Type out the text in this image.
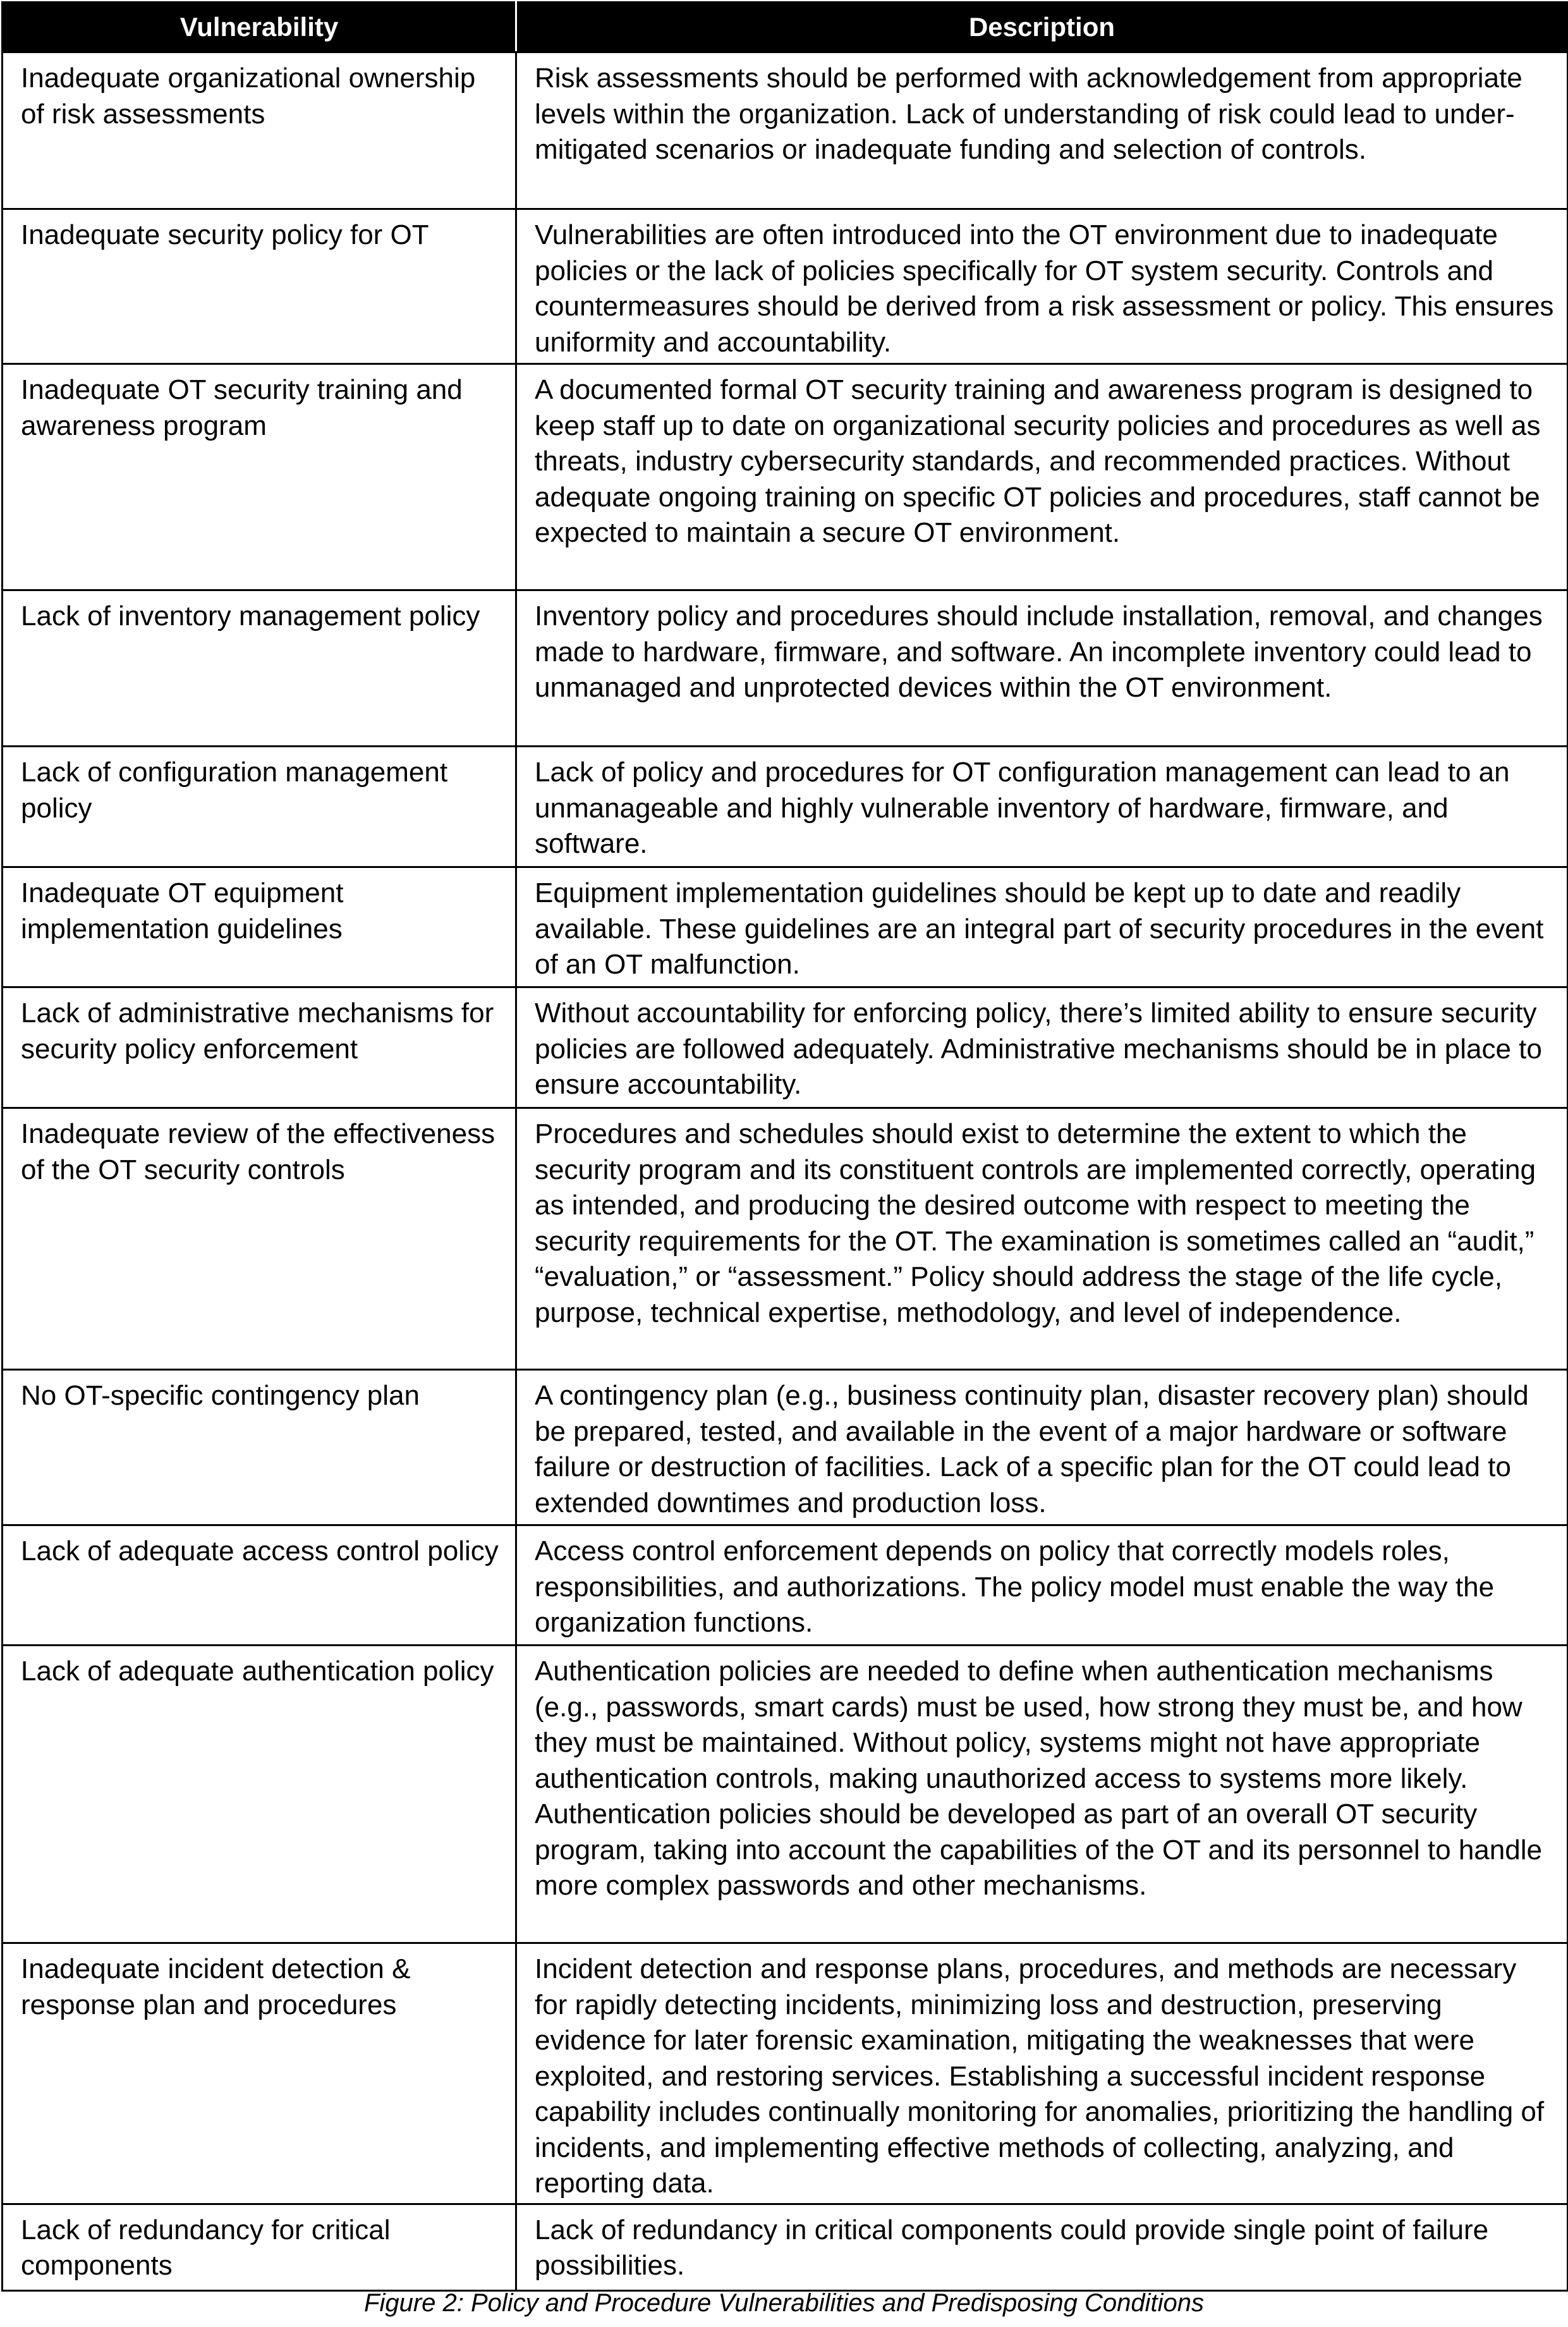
Vulnerability	Description
Inadequate organizational ownership of risk assessments	Risk assessments should be performed with acknowledgement from appropriate levels within the organization. Lack of understanding of risk could lead to under-mitigated scenarios or inadequate funding and selection of controls.
Inadequate security policy for OT	Vulnerabilities are often introduced into the OT environment due to inadequate policies or the lack of policies specifically for OT system security. Controls and countermeasures should be derived from a risk assessment or policy. This ensures uniformity and accountability.
Inadequate OT security training and awareness program	A documented formal OT security training and awareness program is designed to keep staff up to date on organizational security policies and procedures as well as threats, industry cybersecurity standards, and recommended practices. Without adequate ongoing training on specific OT policies and procedures, staff cannot be expected to maintain a secure OT environment.
Lack of inventory management policy	Inventory policy and procedures should include installation, removal, and changes made to hardware, firmware, and software. An incomplete inventory could lead to unmanaged and unprotected devices within the OT environment.
Lack of configuration management policy	Lack of policy and procedures for OT configuration management can lead to an unmanageable and highly vulnerable inventory of hardware, firmware, and software.
Inadequate OT equipment implementation guidelines	Equipment implementation guidelines should be kept up to date and readily available. These guidelines are an integral part of security procedures in the event of an OT malfunction.
Lack of administrative mechanisms for security policy enforcement	Without accountability for enforcing policy, there’s limited ability to ensure security policies are followed adequately. Administrative mechanisms should be in place to ensure accountability.
Inadequate review of the effectiveness of the OT security controls	Procedures and schedules should exist to determine the extent to which the security program and its constituent controls are implemented correctly, operating as intended, and producing the desired outcome with respect to meeting the security requirements for the OT. The examination is sometimes called an “audit,” “evaluation,” or “assessment.” Policy should address the stage of the life cycle, purpose, technical expertise, methodology, and level of independence.
No OT-specific contingency plan	A contingency plan (e.g., business continuity plan, disaster recovery plan) should be prepared, tested, and available in the event of a major hardware or software failure or destruction of facilities. Lack of a specific plan for the OT could lead to extended downtimes and production loss.
Lack of adequate access control policy	Access control enforcement depends on policy that correctly models roles, responsibilities, and authorizations. The policy model must enable the way the organization functions.
Lack of adequate authentication policy	Authentication policies are needed to define when authentication mechanisms (e.g., passwords, smart cards) must be used, how strong they must be, and how they must be maintained. Without policy, systems might not have appropriate authentication controls, making unauthorized access to systems more likely. Authentication policies should be developed as part of an overall OT security program, taking into account the capabilities of the OT and its personnel to handle more complex passwords and other mechanisms.
Inadequate incident detection & response plan and procedures	Incident detection and response plans, procedures, and methods are necessary for rapidly detecting incidents, minimizing loss and destruction, preserving evidence for later forensic examination, mitigating the weaknesses that were exploited, and restoring services. Establishing a successful incident response capability includes continually monitoring for anomalies, prioritizing the handling of incidents, and implementing effective methods of collecting, analyzing, and reporting data.
Lack of redundancy for critical components	Lack of redundancy in critical components could provide single point of failure possibilities.
Figure 2: Policy and Procedure Vulnerabilities and Predisposing Conditions
